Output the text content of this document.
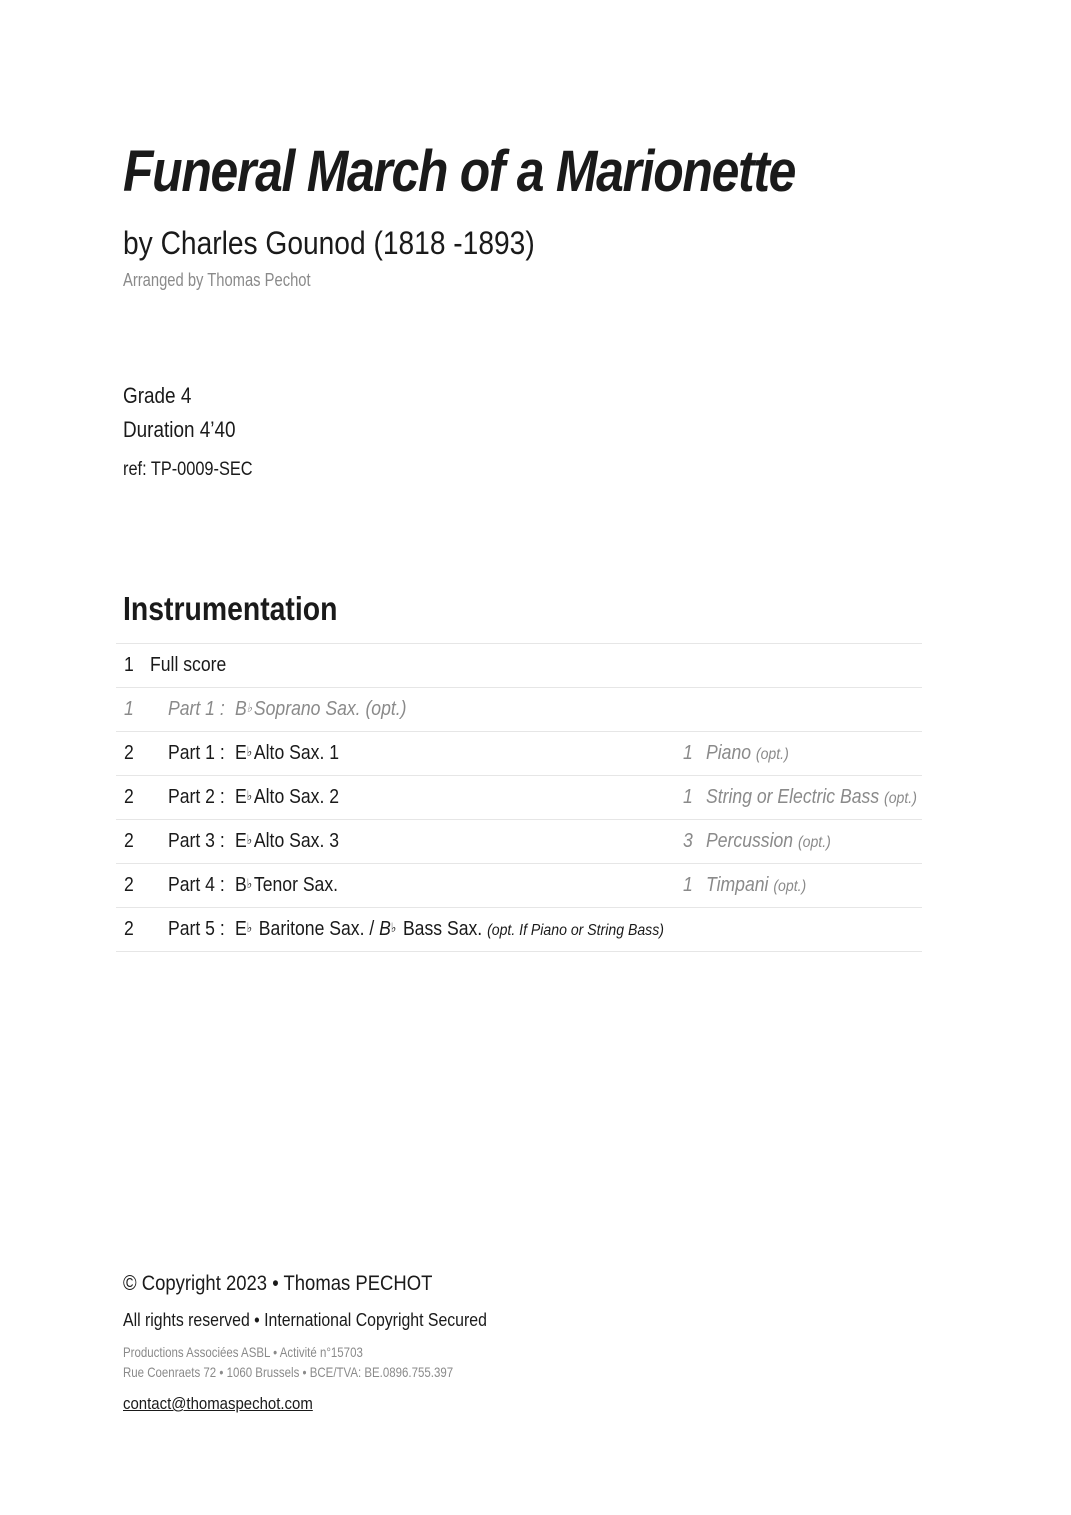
Funeral March of a Marionette
by Charles Gounod (1818 -1893)
Arranged by Thomas Pechot
Grade 4
Duration 4’40
ref: TP-0009-SEC
Instrumentation
1 Full score
1 Part 1 : B♭Soprano Sax. (opt.)
2 Part 1 : E♭Alto Sax. 1	1 Piano (opt.)
2 Part 2 : E♭Alto Sax. 2	1 String or Electric Bass (opt.)
2 Part 3 : E♭Alto Sax. 3	3 Percussion (opt.)
2 Part 4 : B♭Tenor Sax.	1 Timpani (opt.)
2 Part 5 : E♭ Baritone Sax. / B♭ Bass Sax. (opt. If Piano or String Bass)
© Copyright 2023 • Thomas PECHOT
All rights reserved • International Copyright Secured
Productions Associées ASBL • Activité n°15703
Rue Coenraets 72 • 1060 Brussels • BCE/TVA: BE.0896.755.397
contact@thomaspechot.com
